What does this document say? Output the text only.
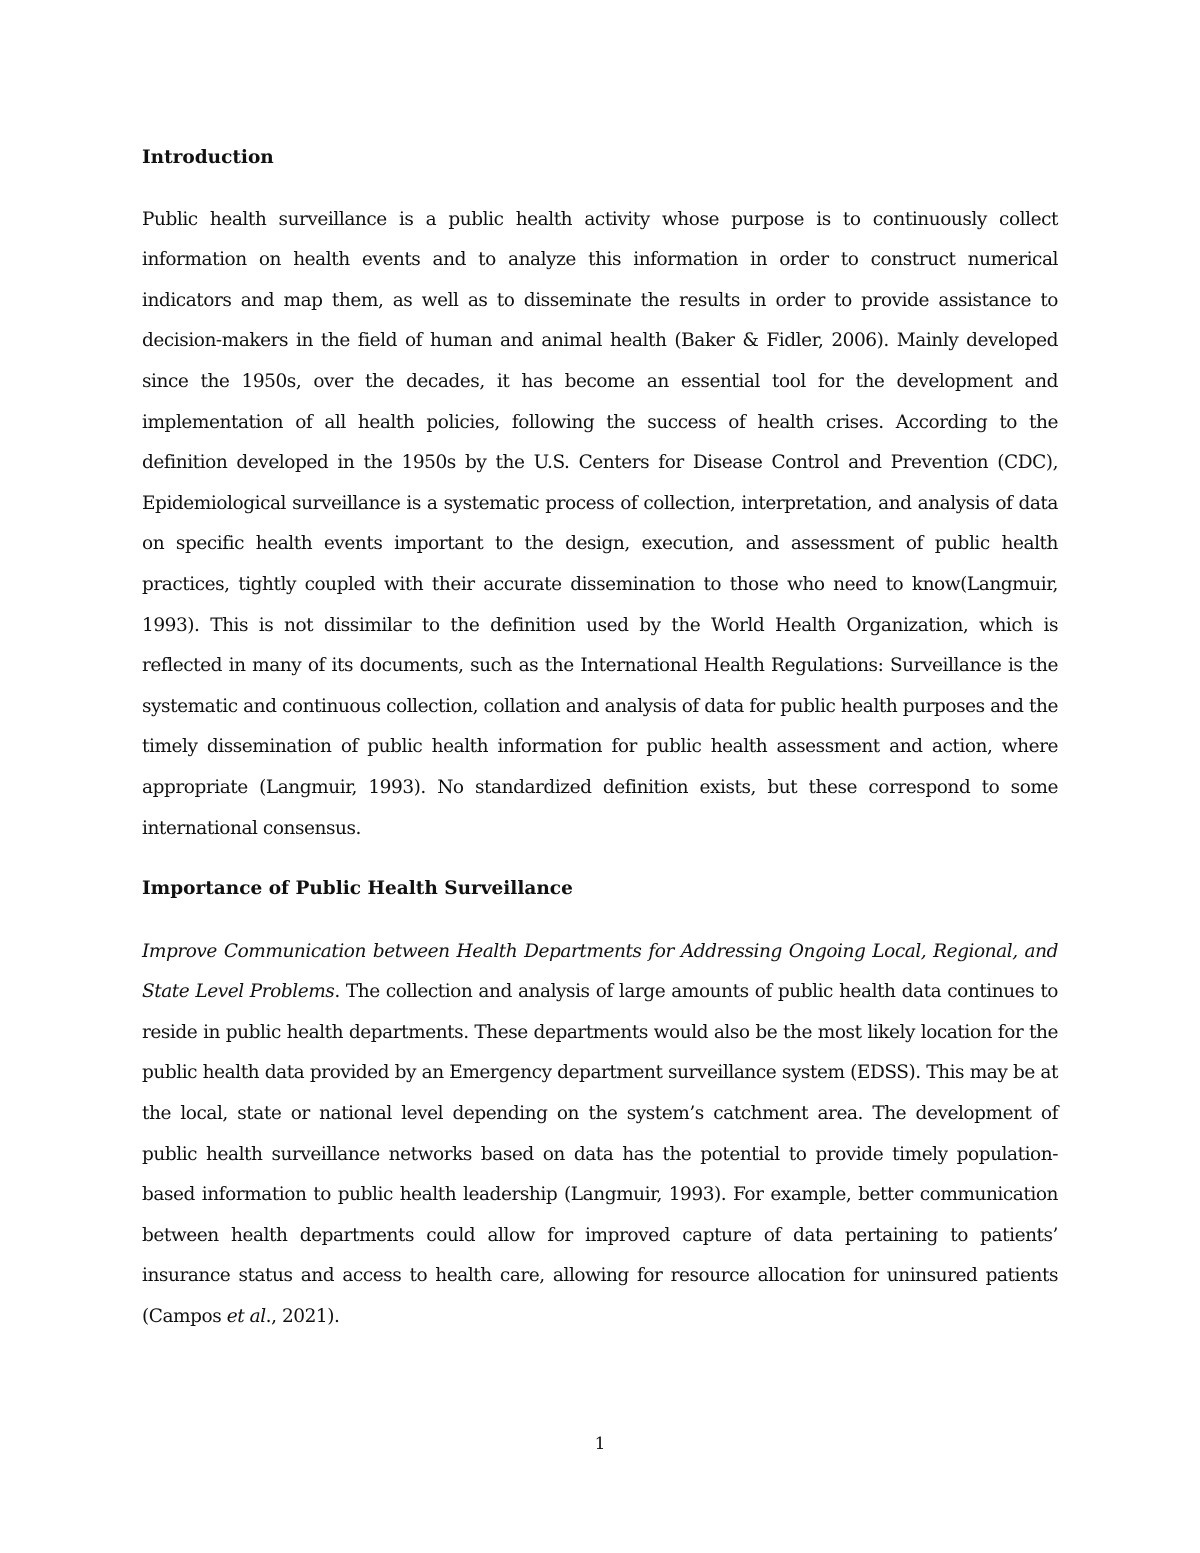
Introduction

Public health surveillance is a public health activity whose purpose is to continuously collect information on health events and to analyze this information in order to construct numerical indicators and map them, as well as to disseminate the results in order to provide assistance to decision-makers in the field of human and animal health (Baker & Fidler, 2006). Mainly developed since the 1950s, over the decades, it has become an essential tool for the development and implementation of all health policies, following the success of health crises. According to the definition developed in the 1950s by the U.S. Centers for Disease Control and Prevention (CDC), Epidemiological surveillance is a systematic process of collection, interpretation, and analysis of data on specific health events important to the design, execution, and assessment of public health practices, tightly coupled with their accurate dissemination to those who need to know(Langmuir, 1993). This is not dissimilar to the definition used by the World Health Organization, which is reflected in many of its documents, such as the International Health Regulations: Surveillance is the systematic and continuous collection, collation and analysis of data for public health purposes and the timely dissemination of public health information for public health assessment and action, where appropriate (Langmuir, 1993). No standardized definition exists, but these correspond to some international consensus.

Importance of Public Health Surveillance

Improve Communication between Health Departments for Addressing Ongoing Local, Regional, and State Level Problems. The collection and analysis of large amounts of public health data continues to reside in public health departments. These departments would also be the most likely location for the public health data provided by an Emergency department surveillance system (EDSS). This may be at the local, state or national level depending on the system’s catchment area. The development of public health surveillance networks based on data has the potential to provide timely population-based information to public health leadership (Langmuir, 1993). For example, better communication between health departments could allow for improved capture of data pertaining to patients’ insurance status and access to health care, allowing for resource allocation for uninsured patients (Campos et al., 2021).

1
